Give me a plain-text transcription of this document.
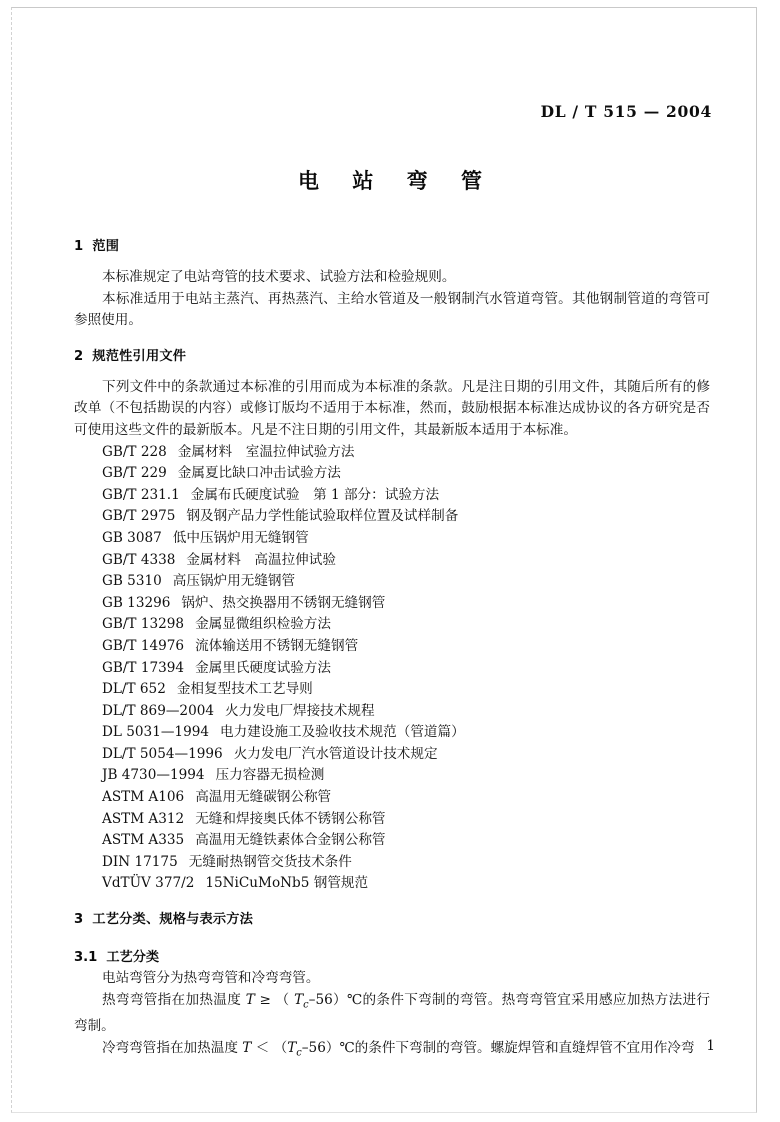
DL / T 515 — 2004
电 站 弯 管
1 范围

本标准规定了电站弯管的技术要求、试验方法和检验规则。

本标准适用于电站主蒸汽、再热蒸汽、主给水管道及一般钢制汽水管道弯管。其他钢制管道的弯管可参照使用。

2 规范性引用文件

下列文件中的条款通过本标准的引用而成为本标准的条款。凡是注日期的引用文件，其随后所有的修改单（不包括勘误的内容）或修订版均不适用于本标准，然而，鼓励根据本标准达成协议的各方研究是否可使用这些文件的最新版本。凡是不注日期的引用文件，其最新版本适用于本标准。

GB/T 228 金属材料　室温拉伸试验方法
GB/T 229 金属夏比缺口冲击试验方法
GB/T 231.1 金属布氏硬度试验　第 1 部分：试验方法
GB/T 2975 钢及钢产品力学性能试验取样位置及试样制备
GB 3087 低中压锅炉用无缝钢管
GB/T 4338 金属材料　高温拉伸试验
GB 5310 高压锅炉用无缝钢管
GB 13296 锅炉、热交换器用不锈钢无缝钢管
GB/T 13298 金属显微组织检验方法
GB/T 14976 流体输送用不锈钢无缝钢管
GB/T 17394 金属里氏硬度试验方法
DL/T 652 金相复型技术工艺导则
DL/T 869—2004 火力发电厂焊接技术规程
DL 5031—1994 电力建设施工及验收技术规范（管道篇）
DL/T 5054—1996 火力发电厂汽水管道设计技术规定
JB 4730—1994 压力容器无损检测
ASTM A106 高温用无缝碳钢公称管
ASTM A312 无缝和焊接奥氏体不锈钢公称管
ASTM A335 高温用无缝铁素体合金钢公称管
DIN 17175 无缝耐热钢管交货技术条件
VdTÜV 377/2 15NiCuMoNb5 钢管规范
3 工艺分类、规格与表示方法
3.1 工艺分类

电站弯管分为热弯弯管和冷弯弯管。

热弯弯管指在加热温度 T ≥ （ $T_c-56)℃$的条件下弯制的弯管。热弯弯管宜采用感应加热方法进行弯制。

冷弯弯管指在加热温度 $T < (T_c-56)℃$的条件下弯制的弯管。螺旋焊管和直缝焊管不宜用作冷弯 1
